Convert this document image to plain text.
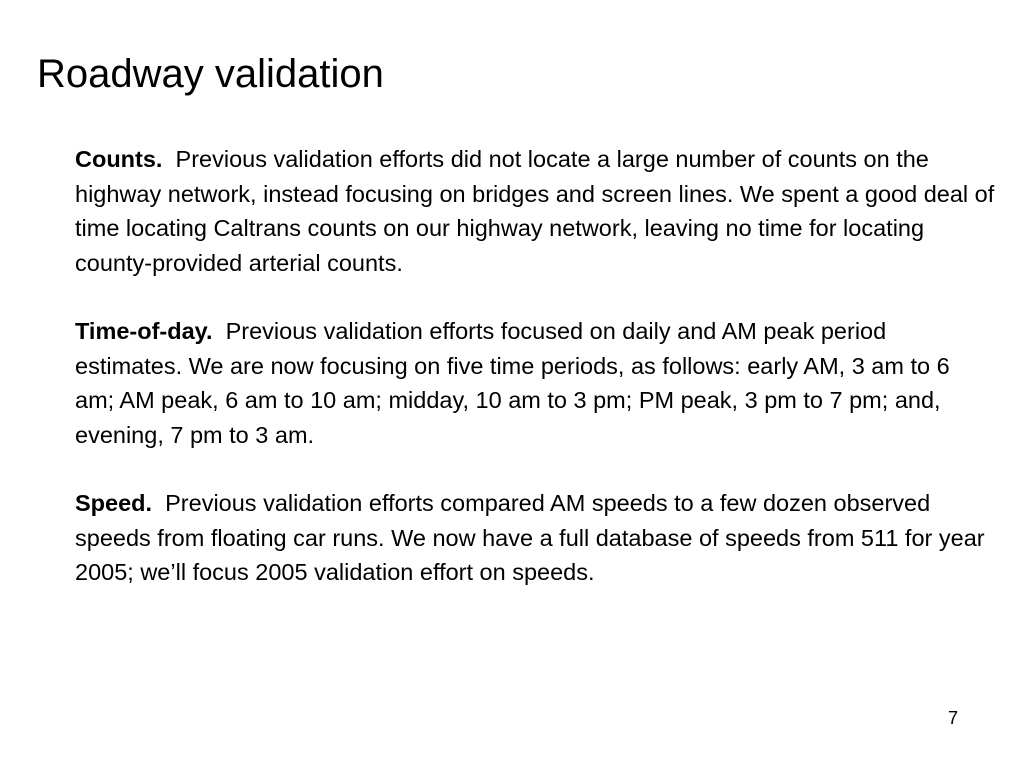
Roadway validation

Counts. Previous validation efforts did not locate a large number of counts on the highway network, instead focusing on bridges and screen lines. We spent a good deal of time locating Caltrans counts on our highway network, leaving no time for locating county-provided arterial counts.

Time-of-day. Previous validation efforts focused on daily and AM peak period estimates. We are now focusing on five time periods, as follows: early AM, 3 am to 6 am; AM peak, 6 am to 10 am; midday, 10 am to 3 pm; PM peak, 3 pm to 7 pm; and, evening, 7 pm to 3 am.

Speed. Previous validation efforts compared AM speeds to a few dozen observed speeds from floating car runs. We now have a full database of speeds from 511 for year 2005; we’ll focus 2005 validation effort on speeds.

7
